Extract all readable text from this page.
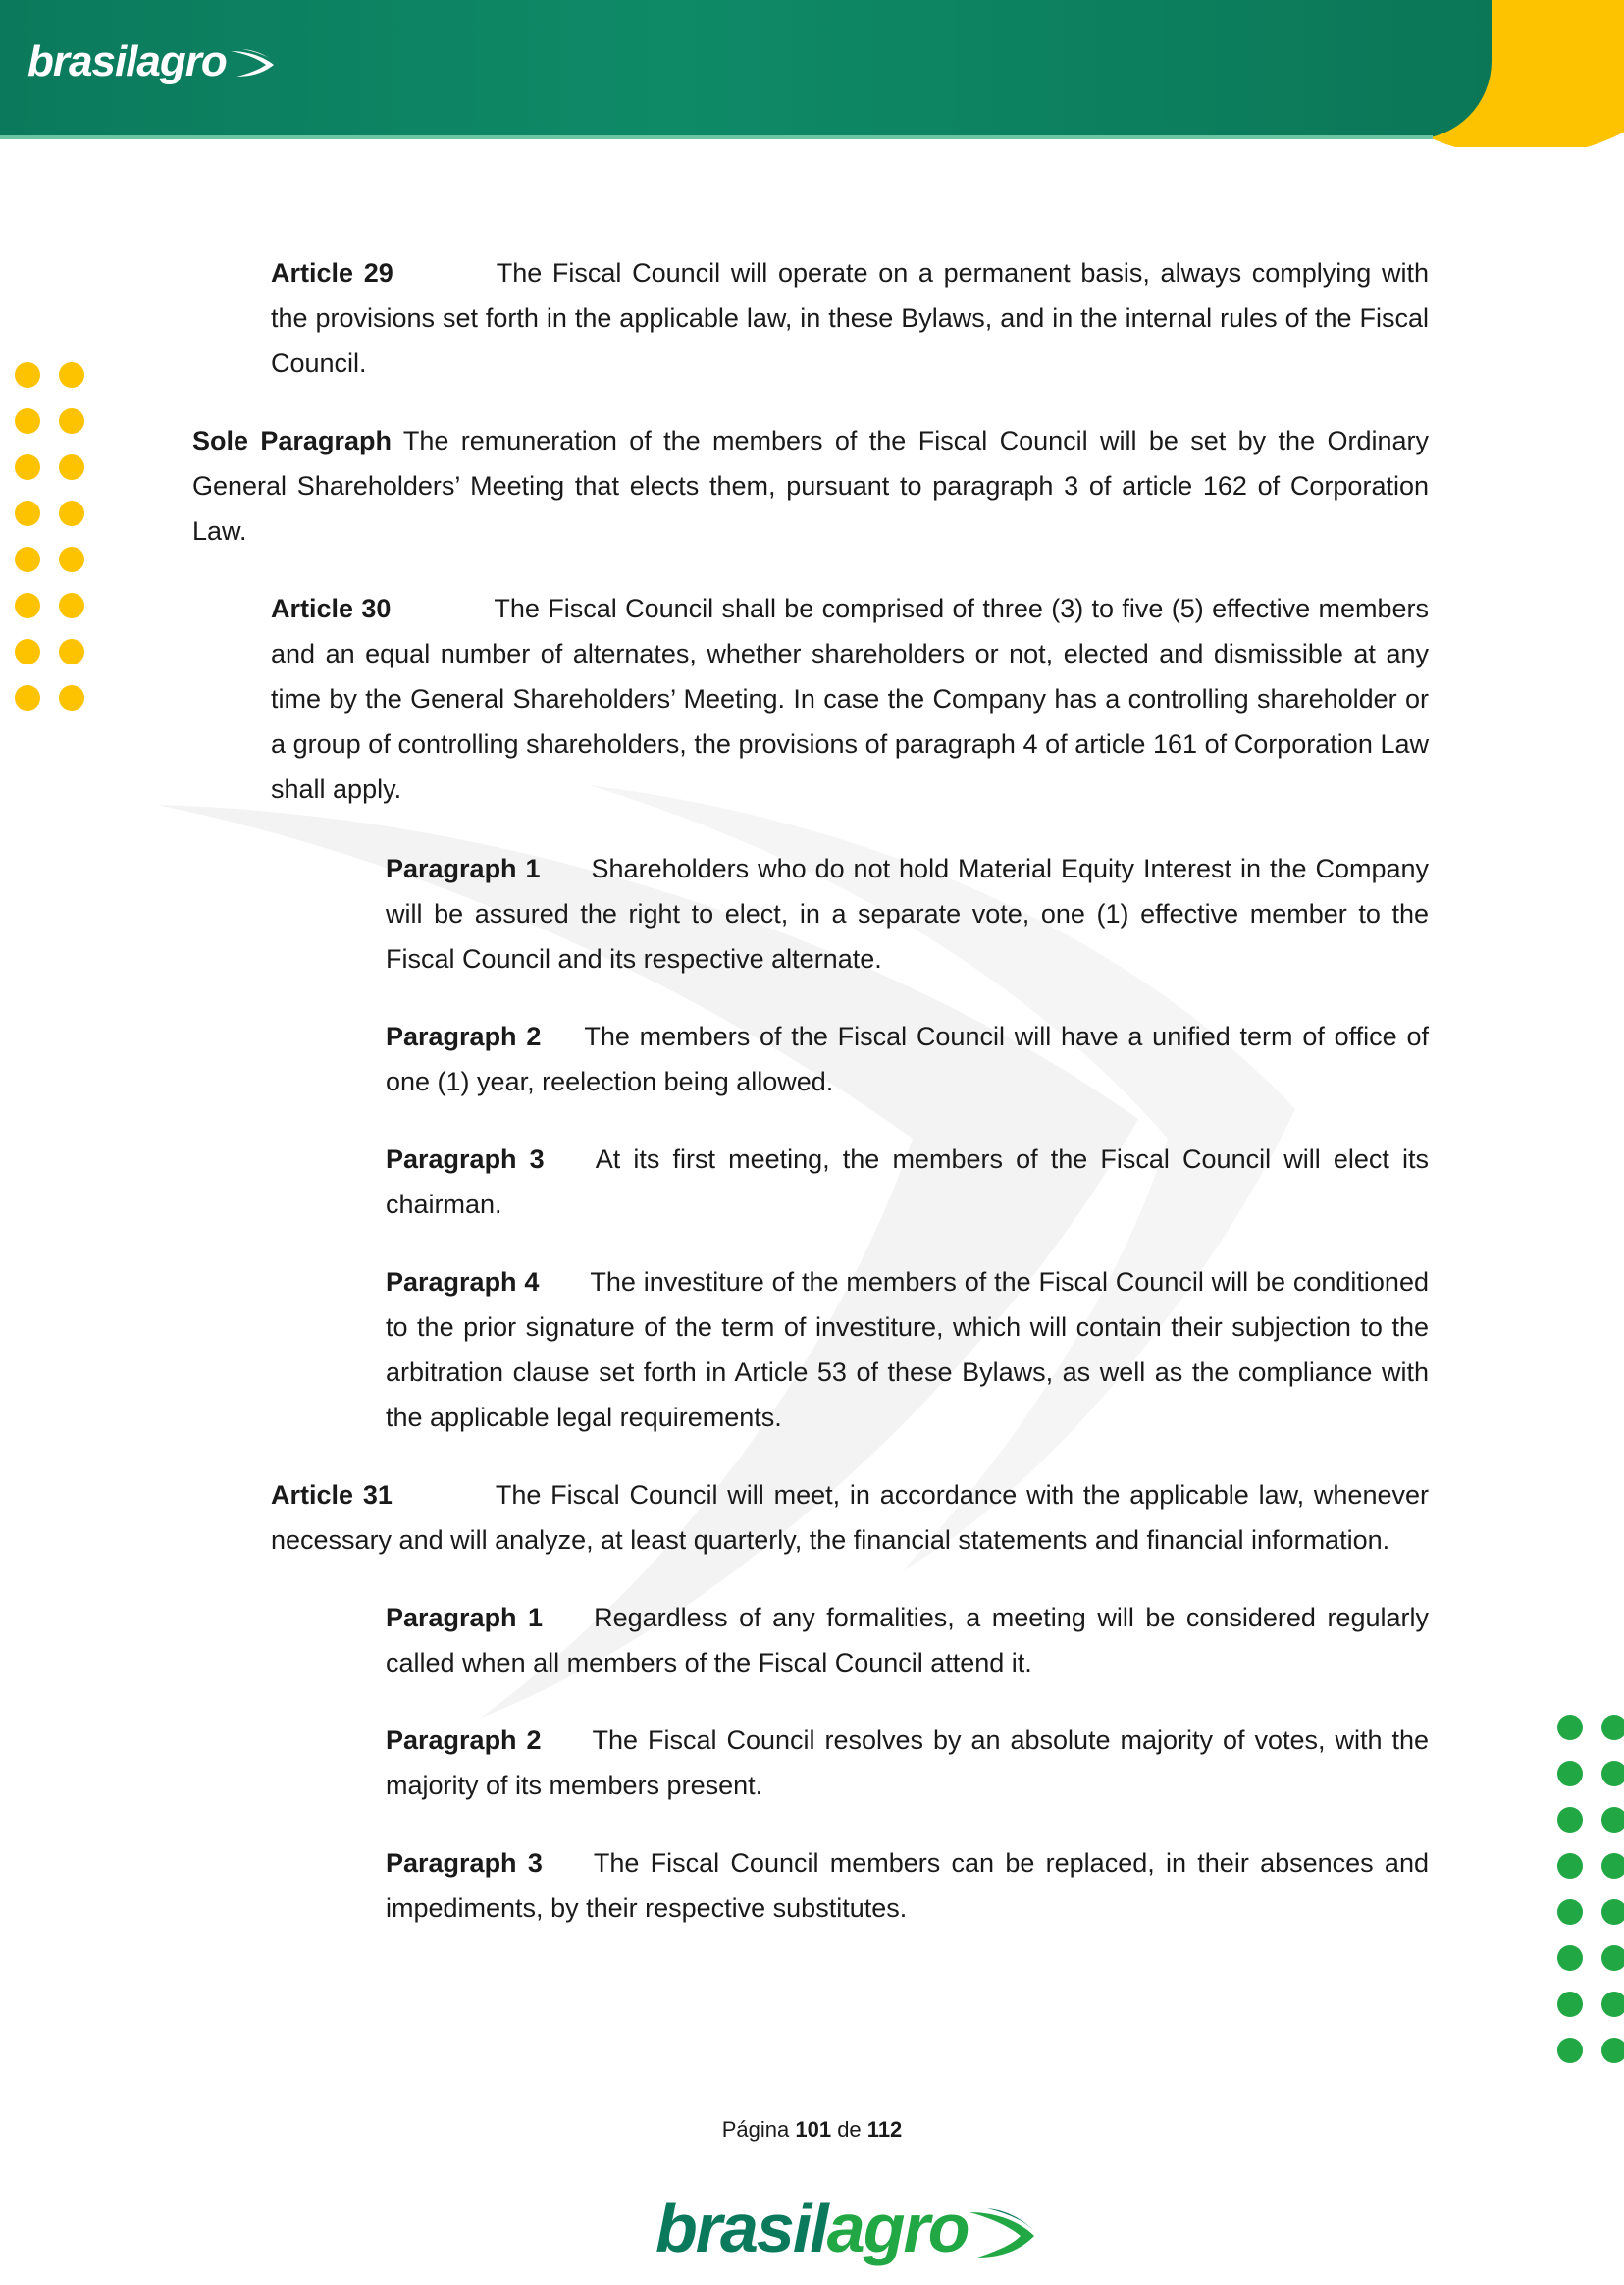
brasilagro
Article 29	The Fiscal Council will operate on a permanent basis, always complying with the provisions set forth in the applicable law, in these Bylaws, and in the internal rules of the Fiscal Council.
Sole Paragraph The remuneration of the members of the Fiscal Council will be set by the Ordinary General Shareholders’ Meeting that elects them, pursuant to paragraph 3 of article 162 of Corporation Law.
Article 30	The Fiscal Council shall be comprised of three (3) to five (5) effective members and an equal number of alternates, whether shareholders or not, elected and dismissible at any time by the General Shareholders’ Meeting. In case the Company has a controlling shareholder or a group of controlling shareholders, the provisions of paragraph 4 of article 161 of Corporation Law shall apply.
Paragraph 1 Shareholders who do not hold Material Equity Interest in the Company will be assured the right to elect, in a separate vote, one (1) effective member to the Fiscal Council and its respective alternate.
Paragraph 2 The members of the Fiscal Council will have a unified term of office of one (1) year, reelection being allowed.
Paragraph 3 At its first meeting, the members of the Fiscal Council will elect its chairman.
Paragraph 4 The investiture of the members of the Fiscal Council will be conditioned to the prior signature of the term of investiture, which will contain their subjection to the arbitration clause set forth in Article 53 of these Bylaws, as well as the compliance with the applicable legal requirements.
Article 31	The Fiscal Council will meet, in accordance with the applicable law, whenever necessary and will analyze, at least quarterly, the financial statements and financial information.
Paragraph 1 Regardless of any formalities, a meeting will be considered regularly called when all members of the Fiscal Council attend it.
Paragraph 2 The Fiscal Council resolves by an absolute majority of votes, with the majority of its members present.
Paragraph 3 The Fiscal Council members can be replaced, in their absences and impediments, by their respective substitutes.
Página 101 de 112
brasilagro
